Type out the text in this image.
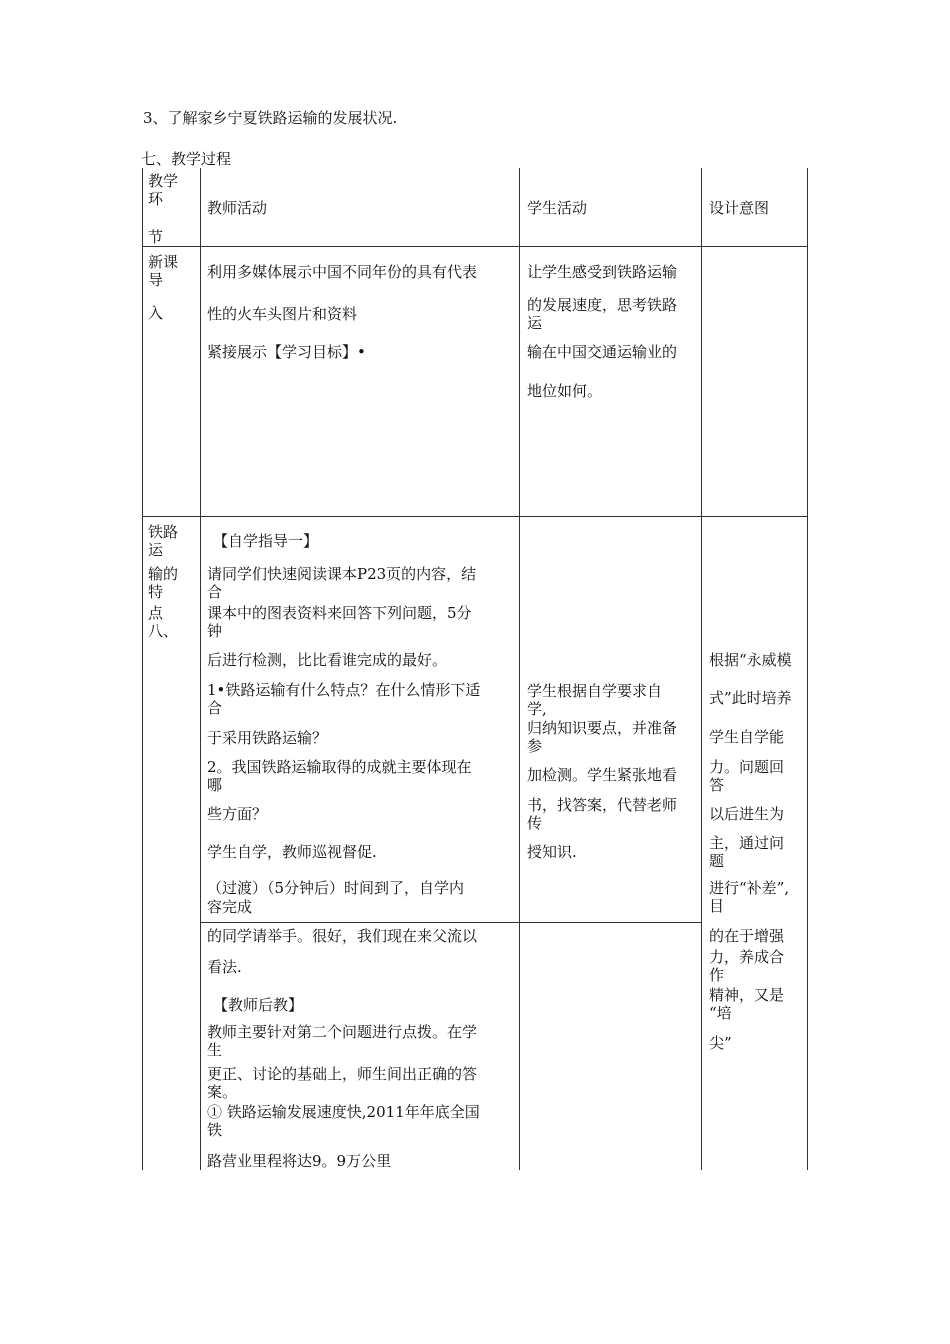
3、了解家乡宁夏铁路运输的发展状况.
七、教学过程
教学
环
节
教师活动	学生活动	设计意图
新课
导
入
利用多媒体展示中国不同年份的具有代表
性的火车头图片和资料
紧接展示【学习目标】•
让学生感受到铁路运输
的发展速度，思考铁路
运
输在中国交通运输业的
地位如何。
铁路
运
输的
特
点
八、
【自学指导一】
请同学们快速阅读课本P23页的内容，结
合
课本中的图表资料来回答下列问题，5分
钟
后进行检测，比比看谁完成的最好。
1•铁路运输有什么特点？在什么情形下适
合
于采用铁路运输？
2。我国铁路运输取得的成就主要体现在
哪
些方面？
学生自学，教师巡视督促.
（过渡）（5分钟后）时间到了，自学内
容完成
的同学请举手。很好，我们现在来父流以
看法.
【教师后教】
教师主要针对第二个问题进行点拨。在学
生
更正、讨论的基础上，师生间出正确的答
案。
① 铁路运输发展速度快,2011年年底全国
铁
路营业里程将达9。9万公里
学生根据自学要求自
学,
归纳知识要点，并准备
参
加检测。学生紧张地看
书，找答案，代替老师
传
授知识.
根据“永威模
式”此时培养
学生自学能
力。问题回
答
以后进生为
主，通过问
题
进行“补差”,
目
的在于增强
力，养成合
作
精神，又是
“培
尖”
